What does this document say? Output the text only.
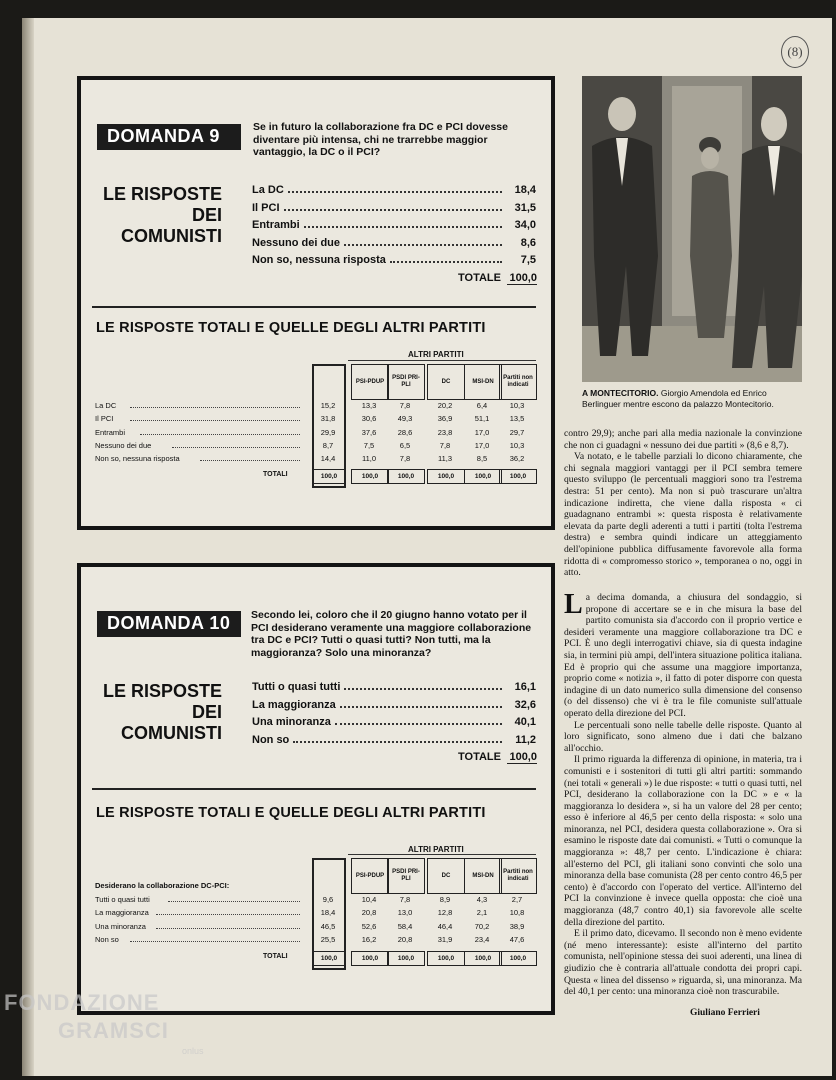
(8)
DOMANDA 9	Se in futuro la collaborazione fra DC e PCI dovesse diventare più intensa, chi ne trarrebbe maggior vantaggio, la DC o il PCI?
LE RISPOSTE
DEI
COMUNISTI
La DC	18,4
Il PCI	31,5
Entrambi	34,0
Nessuno dei due	8,6
Non so, nessuna risposta	7,5
TOTALE 100,0
LE RISPOSTE TOTALI E QUELLE DEGLI ALTRI PARTITI
ALTRI PARTITI
PSI-PDUP
PSDI PRI-PLI
DC	MSI-DN
Partiti non indicati
La DC	15,2	13,3	7,8	20,2	6,4	10,3
Il PCI	31,8	30,6	49,3	36,9	51,1	13,5
Entrambi	29,9	37,6	28,6	23,8	17,0	29,7
Nessuno dei due	8,7	7,5	6,5	7,8	17,0	10,3
Non so, nessuna risposta	14,4	11,0	7,8	11,3	8,5	36,2
TOTALI	100,0	100,0	100,0	100,0	100,0	100,0
DOMANDA 10	Secondo lei, coloro che il 20 giugno hanno votato per il PCI desiderano veramente una maggiore collaborazione tra DC e PCI? Tutti o quasi tutti? Non tutti, ma la maggioranza? Solo una minoranza?
LE RISPOSTE
DEI
COMUNISTI
Tutti o quasi tutti	16,1
La maggioranza	32,6
Una minoranza	40,1
Non so	11,2
TOTALE 100,0
LE RISPOSTE TOTALI E QUELLE DEGLI ALTRI PARTITI
ALTRI PARTITI
Desiderano la collaborazione DC-PCI:
PSI-PDUP
PSDI PRI-PLI
DC	MSI-DN
Partiti non indicati
Tutti o quasi tutti	9,6	10,4	7,8	8,9	4,3	2,7
La maggioranza	18,4	20,8	13,0	12,8	2,1	10,8
Una minoranza	46,5	52,6	58,4	46,4	70,2	38,9
Non so	25,5	16,2	20,8	31,9	23,4	47,6
TOTALI	100,0	100,0	100,0	100,0	100,0	100,0
A MONTECITORIO. Giorgio Amendola ed Enrico Berlinguer mentre escono da palazzo Montecitorio.

contro 29,9); anche pari alla media nazionale la convinzione che non ci guadagni « nessuno dei due partiti » (8,6 e 8,7).

Va notato, e le tabelle parziali lo dicono chiaramente, che chi segnala maggiori vantaggi per il PCI sembra temere questo sviluppo (le percentuali maggiori sono tra l'estrema destra: 51 per cento). Ma non si può trascurare un'altra indicazione indiretta, che viene dalla risposta « ci guadagnano entrambi »: questa risposta è relativamente elevata da parte degli aderenti a tutti i partiti (tolta l'estrema destra) e sembra quindi indicare un atteggiamento dell'opinione pubblica diffusamente favorevole alla forma ridotta di « compromesso storico », temporanea o no, oggi in atto.

La decima domanda, a chiusura del sondaggio, si propone di accertare se e in che misura la base del partito comunista sia d'accordo con il proprio vertice e desideri veramente una maggiore collaborazione tra DC e PCI. È uno degli interrogativi chiave, sia di questa indagine sia, in termini più ampi, dell'intera situazione politica italiana. Ed è proprio qui che assume una maggiore importanza, proprio come « notizia », il fatto di poter disporre con questa indagine di un dato numerico sulla dimensione del consenso (o del dissenso) che vi è tra le file comuniste sull'attuale operato della direzione del PCI.

Le percentuali sono nelle tabelle delle risposte. Quanto al loro significato, sono almeno due i dati che balzano all'occhio.

Il primo riguarda la differenza di opinione, in materia, tra i comunisti e i sostenitori di tutti gli altri partiti: sommando (nei totali « generali ») le due risposte: « tutti o quasi tutti, nel PCI, desiderano la collaborazione con la DC » e « la maggioranza lo desidera », si ha un valore del 28 per cento; esso è inferiore al 46,5 per cento della risposta: « solo una minoranza, nel PCI, desidera questa collaborazione ». Ora si esamino le risposte date dai comunisti. « Tutti o comunque la maggioranza »: 48,7 per cento. L'indicazione è chiara: all'esterno del PCI, gli italiani sono convinti che solo una minoranza della base comunista (28 per cento contro 46,5 per cento) è d'accordo con l'operato del vertice. All'interno del PCI la convinzione è invece quella opposta: che cioè una maggioranza (48,7 contro 40,1) sia favorevole alle scelte della direzione del partito.

E il primo dato, dicevamo. Il secondo non è meno evidente (né meno interessante): esiste all'interno del partito comunista, nell'opinione stessa dei suoi aderenti, una linea di giudizio che è contraria all'attuale condotta dei propri capi. Questa « linea del dissenso » riguarda, sì, una minoranza. Ma del 40,1 per cento: una minoranza cioè non trascurabile.

Giuliano Ferrieri
FONDAZIONE
GRAMSCI
onlus
